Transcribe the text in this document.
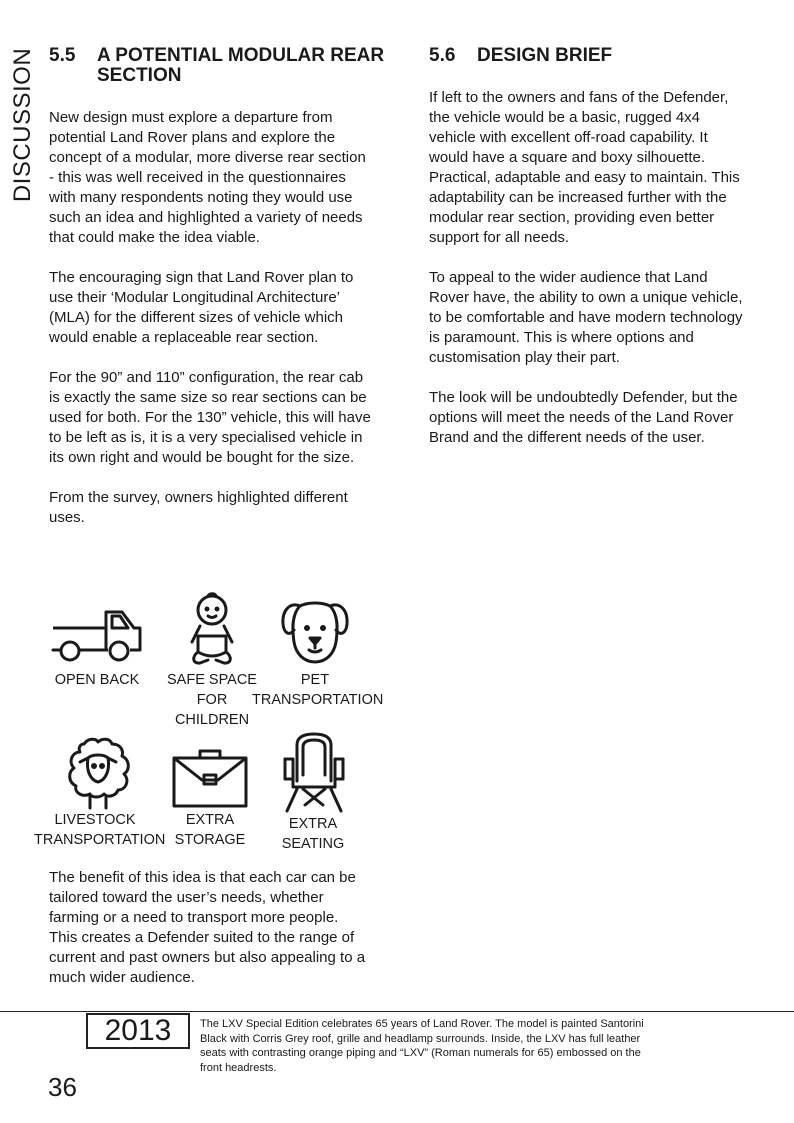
DISCUSSION 5.5 A POTENTIAL MODULAR REAR
SECTION

New design must explore a departure from potential Land Rover plans and explore the concept of a modular, more diverse rear section - this was well received in the questionnaires with many respondents noting they would use such an idea and highlighted a variety of needs that could make the idea viable.

The encouraging sign that Land Rover plan to use their ‘Modular Longitudinal Architecture’ (MLA) for the different sizes of vehicle which would enable a replaceable rear section.

For the 90” and 110” configuration, the rear cab is exactly the same size so rear sections can be used for both. For the 130” vehicle, this will have to be left as is, it is a very specialised vehicle in its own right and would be bought for the size.

From the survey, owners highlighted different uses.

OPEN BACK	SAFE SPACE
FOR
CHILDREN
PET
TRANSPORTATION
LIVESTOCK
TRANSPORTATION
EXTRA
STORAGE
EXTRA
SEATING

The benefit of this idea is that each car can be tailored toward the user’s needs, whether farming or a need to transport more people. This creates a Defender suited to the range of current and past owners but also appealing to a much wider audience.

5.6 DESIGN BRIEF

If left to the owners and fans of the Defender, the vehicle would be a basic, rugged 4x4 vehicle with excellent off-road capability. It would have a square and boxy silhouette. Practical, adaptable and easy to maintain. This adaptability can be increased further with the modular rear section, providing even better support for all needs.

To appeal to the wider audience that Land Rover have, the ability to own a unique vehicle, to be comfortable and have modern technology is paramount. This is where options and customisation play their part.

The look will be undoubtedly Defender, but the options will meet the needs of the Land Rover Brand and the different needs of the user.

2013	The LXV Special Edition celebrates 65 years of Land Rover. The model is painted Santorini Black with Corris Grey roof, grille and headlamp surrounds. Inside, the LXV has full leather seats with contrasting orange piping and “LXV” (Roman numerals for 65) embossed on the front headrests.
36
